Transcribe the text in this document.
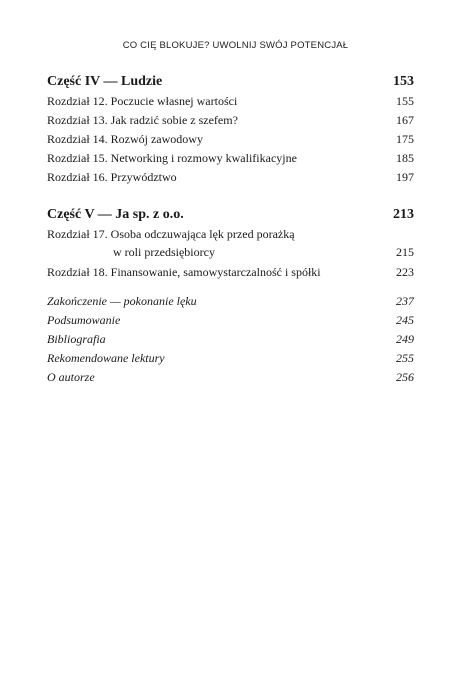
CO CIĘ BLOKUJE? UWOLNIJ SWÓJ POTENCJAŁ
Część IV — Ludzie	153
Rozdział 12. Poczucie własnej wartości	155
Rozdział 13. Jak radzić sobie z szefem?	167
Rozdział 14. Rozwój zawodowy	175
Rozdział 15. Networking i rozmowy kwalifikacyjne	185
Rozdział 16. Przywództwo	197
Część V — Ja sp. z o.o.	213
Rozdział 17. Osoba odczuwająca lęk przed porażką
w roli przedsiębiorcy	215
Rozdział 18. Finansowanie, samowystarczalność i spółki	223
Zakończenie — pokonanie lęku	237
Podsumowanie	245
Bibliografia	249
Rekomendowane lektury	255
O autorze	256
